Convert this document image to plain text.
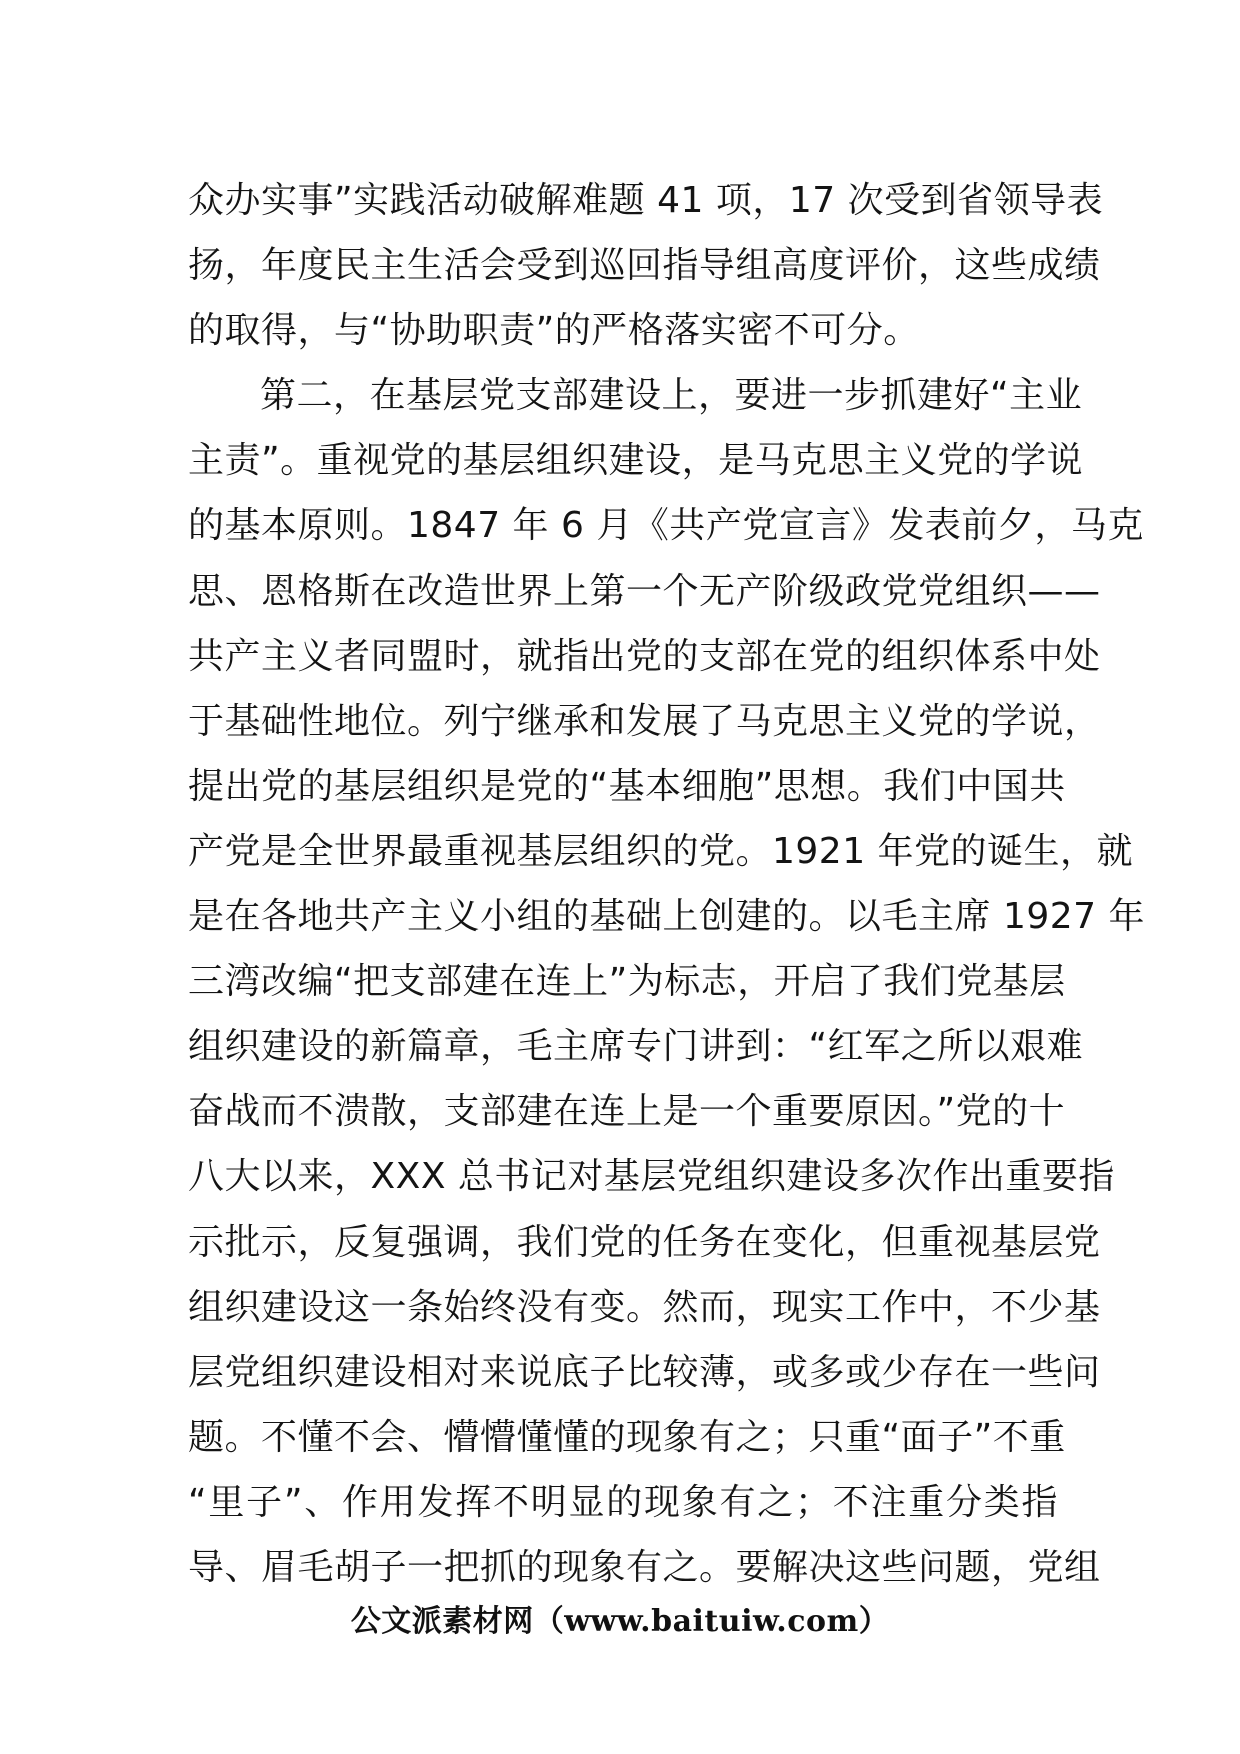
众办实事”实践活动破解难题 41 项，17 次受到省领导表
扬，年度民主生活会受到巡回指导组高度评价，这些成绩
的取得，与“协助职责”的严格落实密不可分。

第二，在基层党支部建设上，要进一步抓建好“主业
主责”。重视党的基层组织建设，是马克思主义党的学说
的基本原则。1847 年 6 月《共产党宣言》发表前夕，马克
思、恩格斯在改造世界上第一个无产阶级政党党组织——
共产主义者同盟时，就指出党的支部在党的组织体系中处
于基础性地位。列宁继承和发展了马克思主义党的学说，
提出党的基层组织是党的“基本细胞”思想。我们中国共
产党是全世界最重视基层组织的党。1921 年党的诞生，就
是在各地共产主义小组的基础上创建的。以毛主席 1927 年
三湾改编“把支部建在连上”为标志，开启了我们党基层
组织建设的新篇章，毛主席专门讲到：“红军之所以艰难
奋战而不溃散，支部建在连上是一个重要原因。”党的十
八大以来，XXX 总书记对基层党组织建设多次作出重要指
示批示，反复强调，我们党的任务在变化，但重视基层党
组织建设这一条始终没有变。然而，现实工作中，不少基
层党组织建设相对来说底子比较薄，或多或少存在一些问
题。不懂不会、懵懵懂懂的现象有之；只重“面子”不重
“里子”、作用发挥不明显的现象有之；不注重分类指
导、眉毛胡子一把抓的现象有之。要解决这些问题，党组

公文派素材网（www.baituiw.com）
